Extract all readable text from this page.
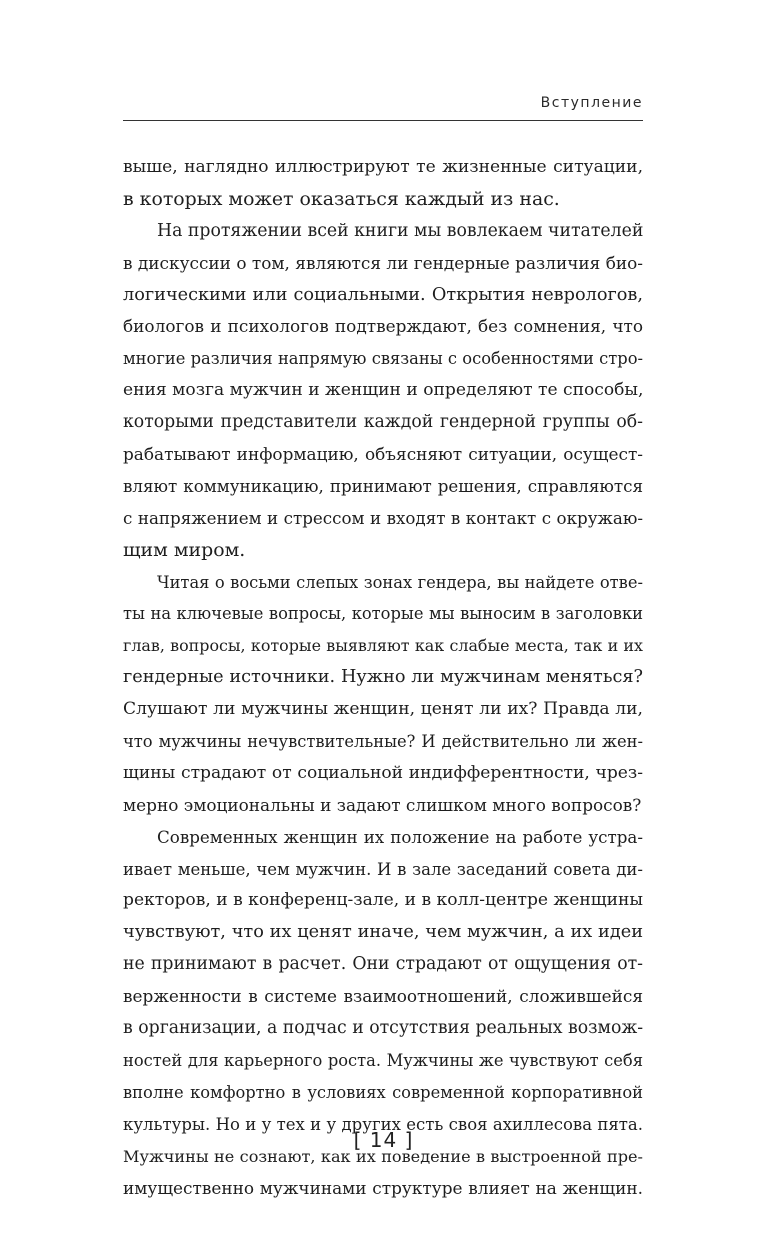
Вступление
выше, наглядно иллюстрируют те жизненные ситуации,
в которых может оказаться каждый из нас.
На протяжении всей книги мы вовлекаем читателей
в дискуссии о том, являются ли гендерные различия био-
логическими или социальными. Открытия неврологов,
биологов и психологов подтверждают, без сомнения, что
многие различия напрямую связаны с особенностями стро-
ения мозга мужчин и женщин и определяют те способы,
которыми представители каждой гендерной группы об-
рабатывают информацию, объясняют ситуации, осущест-
вляют коммуникацию, принимают решения, справляются
с напряжением и стрессом и входят в контакт с окружаю-
щим миром.
Читая о восьми слепых зонах гендера, вы найдете отве-
ты на ключевые вопросы, которые мы выносим в заголовки
глав, вопросы, которые выявляют как слабые места, так и их
гендерные источники. Нужно ли мужчинам меняться?
Слушают ли мужчины женщин, ценят ли их? Правда ли,
что мужчины нечувствительные? И действительно ли жен-
щины страдают от социальной индифферентности, чрез-
мерно эмоциональны и задают слишком много вопросов?
Современных женщин их положение на работе устра-
ивает меньше, чем мужчин. И в зале заседаний совета ди-
ректоров, и в конференц-зале, и в колл-центре женщины
чувствуют, что их ценят иначе, чем мужчин, а их идеи
не принимают в расчет. Они страдают от ощущения от-
верженности в системе взаимоотношений, сложившейся
в организации, а подчас и отсутствия реальных возмож-
ностей для карьерного роста. Мужчины же чувствуют себя
вполне комфортно в условиях современной корпоративной
культуры. Но и у тех и у других есть своя ахиллесова пята.
Мужчины не сознают, как их поведение в выстроенной пре-
имущественно мужчинами структуре влияет на женщин.
[ 14 ]
